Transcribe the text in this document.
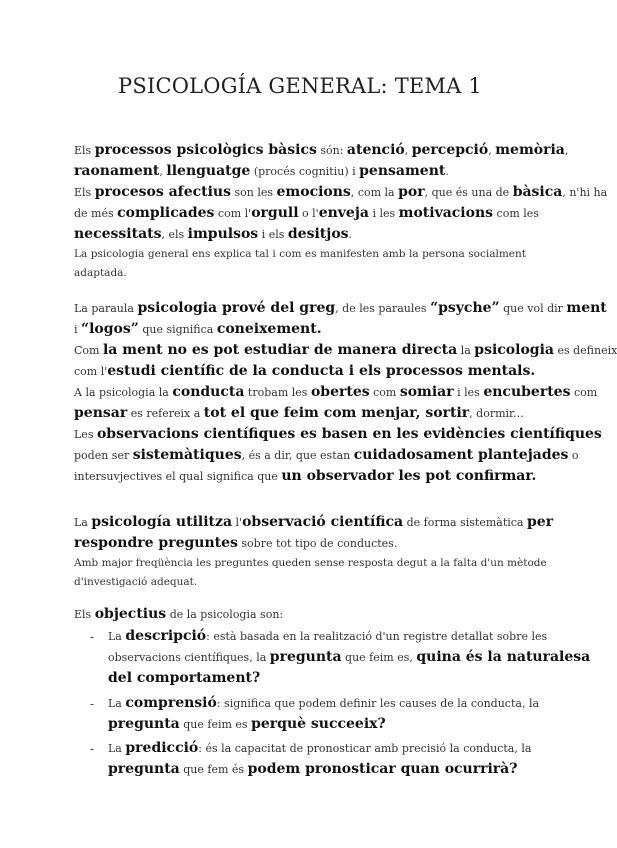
PSICOLOGÍA GENERAL: TEMA 1
Els processos psicològics bàsics són: atenció, percepció, memòria,
raonament, llenguatge (procés cognitiu) i pensament.
Els procesos afectius son les emocions, com la por, que és una de bàsica, n'hi ha
de més complicades com l'orgull o l'enveja i les motivacions com les
necessitats, els impulsos i els desitjos.
La psicologia general ens explica tal i com es manifesten amb la persona socialment
adaptada.
La paraula psicologia prové del greg, de les paraules “psyche” que vol dir ment
i “logos” que significa coneixement.
Com la ment no es pot estudiar de manera directa la psicologia es defineix
com l'estudi científic de la conducta i els processos mentals.
A la psicologia la conducta trobam les obertes com somiar i les encubertes com
pensar es refereix a tot el que feim com menjar, sortir, dormir...
Les observacions científiques es basen en les evidències científiques
poden ser sistemàtiques, és a dir, que estan cuidadosament plantejades o
intersuvjectives el qual significa que un observador les pot confirmar.
La psicología utilitza l'observació científica de forma sistemàtica per
respondre preguntes sobre tot tipo de conductes.
Amb major freqüència les preguntes queden sense resposta degut a la falta d'un mètode
d'investigació adequat.
Els objectius de la psicologia son:
- La descripció: està basada en la realització d'un registre detallat sobre les
observacions científiques, la pregunta que feim es, quina és la naturalesa
del comportament?
- La comprensió: significa que podem definir les causes de la conducta, la
pregunta que feim es perquè succeeix?
- La predicció: és la capacitat de pronosticar amb precisió la conducta, la
pregunta que fem és podem pronosticar quan ocurrirà?
